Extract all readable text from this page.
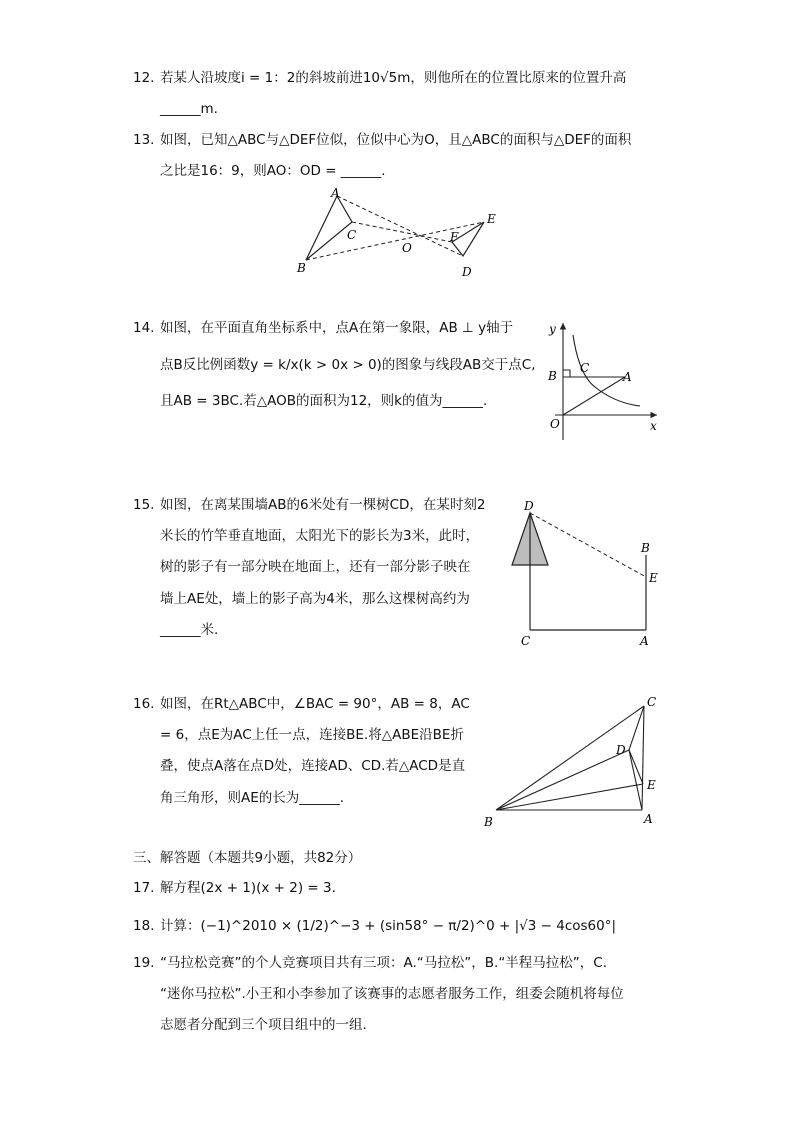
12. 若某人沿坡度i = 1：2的斜坡前进10√5m，则他所在的位置比原来的位置升高
______m.
13. 如图，已知△ABC与△DEF位似，位似中心为O，且△ABC的面积与△DEF的面积
之比是16：9，则AO：OD = ______.
A
B
C
O
F
E
D
14. 如图，在平面直角坐标系中，点A在第一象限，AB ⊥ y轴于
点B反比例函数y = k/x(k > 0x > 0)的图象与线段AB交于点C,
且AB = 3BC.若△AOB的面积为12，则k的值为______.
y
x
O
B
C
A
15. 如图，在离某围墙AB的6米处有一棵树CD，在某时刻2
米长的竹竿垂直地面，太阳光下的影长为3米，此时，
树的影子有一部分映在地面上，还有一部分影子映在
墙上AE处，墙上的影子高为4米，那么这棵树高约为
______米.
D
B
E
C	A
16. 如图，在Rt△ABC中，∠BAC = 90°，AB = 8，AC
= 6，点E为AC上任一点，连接BE.将△ABE沿BE折
叠，使点A落在点D处，连接AD、CD.若△ACD是直
角三角形，则AE的长为______.
C
D
E
B	A
三、解答题（本题共9小题，共82分）
17. 解方程(2x + 1)(x + 2) = 3.
18. 计算：(−1)^2010 × (1/2)^−3 + (sin58° − π/2)^0 + |√3 − 4cos60°|
19. “马拉松竞赛”的个人竞赛项目共有三项：A.“马拉松”，B.“半程马拉松”，C.
“迷你马拉松”.小王和小李参加了该赛事的志愿者服务工作，组委会随机将每位
志愿者分配到三个项目组中的一组.
